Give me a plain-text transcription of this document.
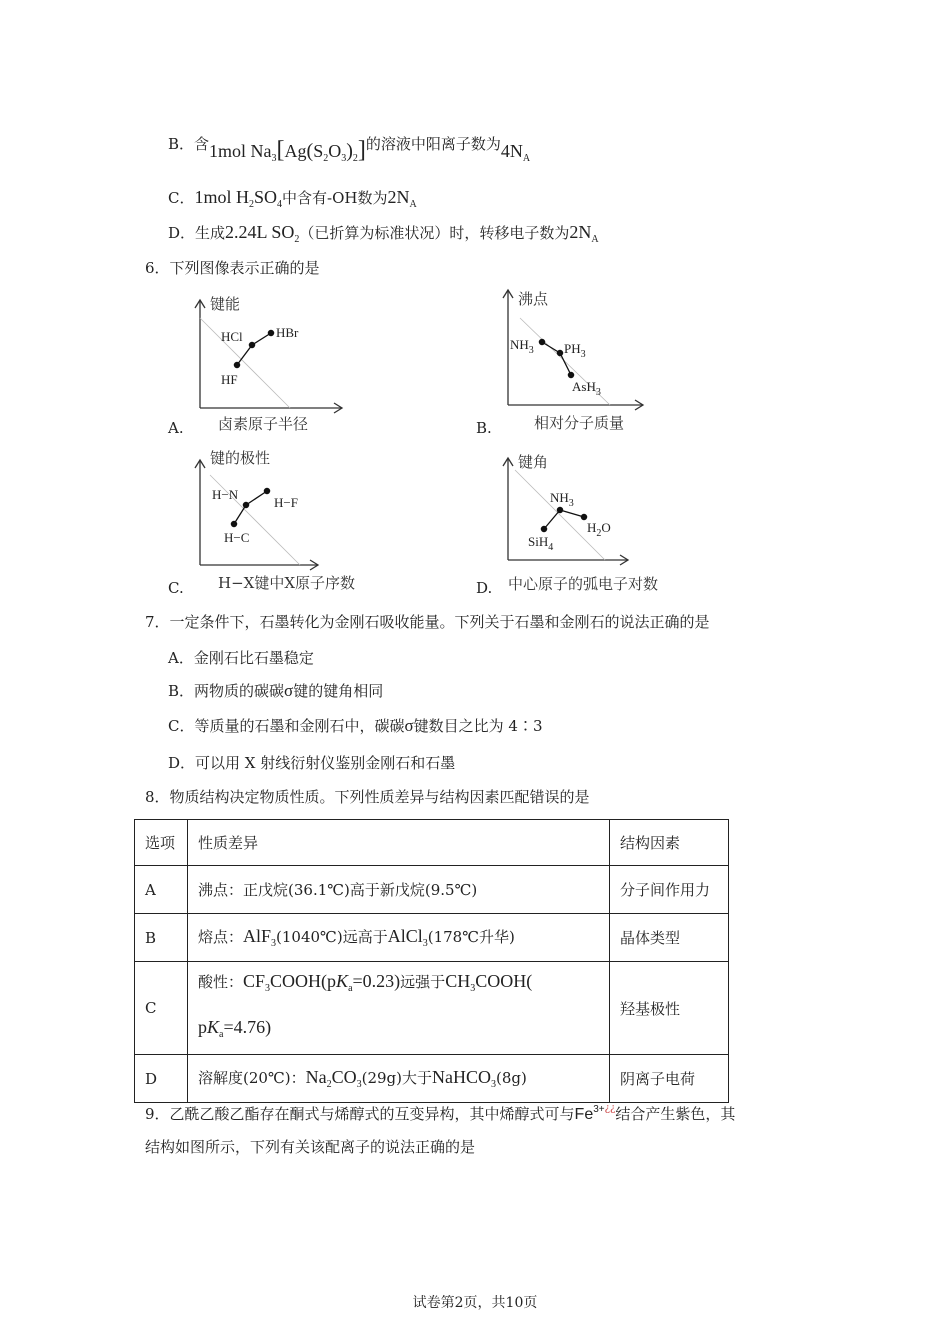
B．含1mol $Na_3[Ag(S_2O_3)_2]$的溶液中阳离子数为$4N_A$
C．1mol $H_2SO_4$中含有-OH数为$2N_A$
D．生成2.24L $SO_2$（已折算为标准状况）时，转移电子数为$2N_A$
6．下列图像表示正确的是
键能
HCl	HBr
HF
A. 卤素原子半径
沸点
$NH_3$ $PH_3$
AsH$_3$
B.	相对分子质量
键的极性
H−N
H−F
H−C
C. H−X键中X原子序数
键角
$NH_3$
$H_2O$
SiH$_4$
D. 中心原子的弧电子对数
7．一定条件下，石墨转化为金刚石吸收能量。下列关于石墨和金刚石的说法正确的是
A．金刚石比石墨稳定
B．两物质的碳碳σ键的键角相同
C．等质量的石墨和金刚石中，碳碳σ键数目之比为 4∶3
D．可以用 X 射线衍射仪鉴别金刚石和石墨
8．物质结构决定物质性质。下列性质差异与结构因素匹配错误的是
选项	性质差异	结构因素
A	沸点：正戊烷(36.1℃)高于新戊烷(9.5℃)	分子间作用力
B	熔点：AlF$_3$(1040℃)远高于AlCl$_3$(178℃升华)	晶体类型
C	酸性：$CF_3COOH(pK_a=0.23)$远强于$CH_3COOH$(
$pK_a=4.76$)	羟基极性
D	溶解度(20℃)：$Na_2CO_3(29g)$大于NaHCO$_3$(8g)	阴离子电荷
9．乙酰乙酸乙酯存在酮式与烯醇式的互变异构，其中烯醇式可与$Fe^{3+¿¿}$结合产生紫色，其
结构如图所示，下列有关该配离子的说法正确的是
试卷第2页，共10页
